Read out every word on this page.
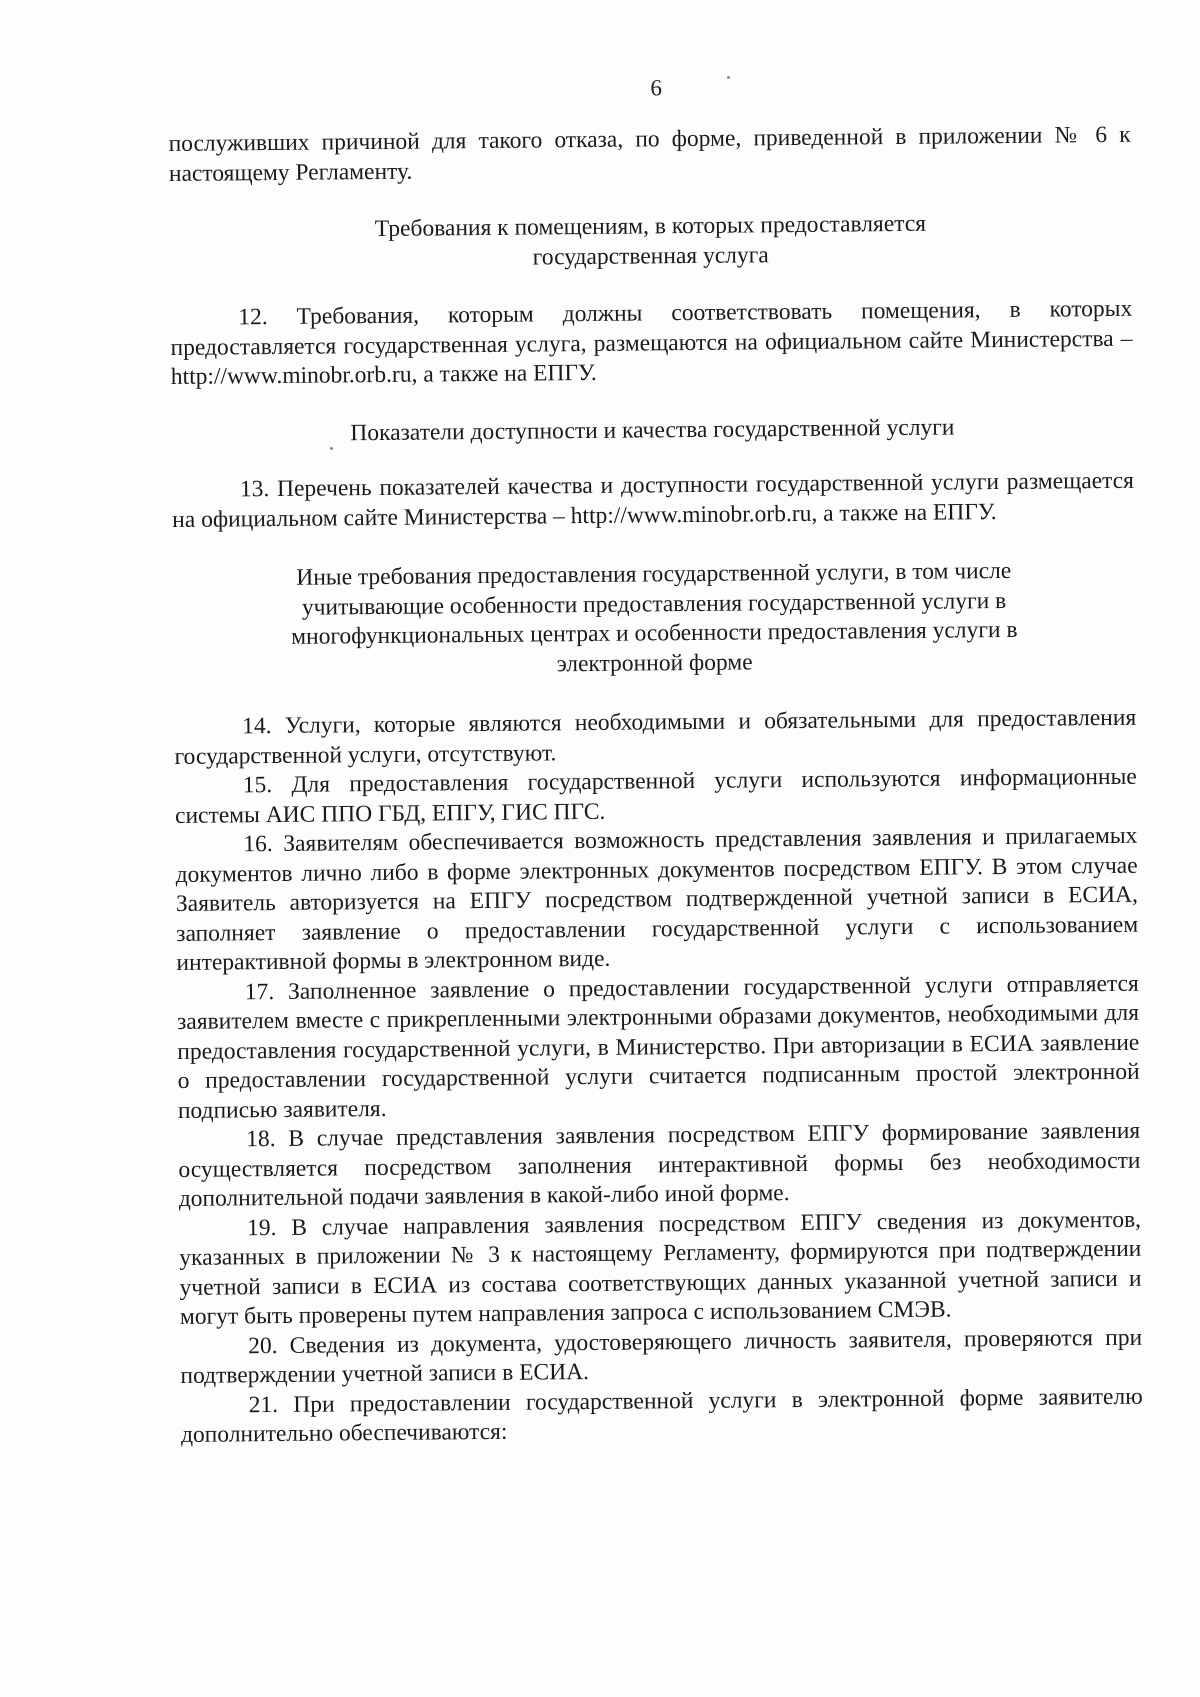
6

послуживших причиной для такого отказа, по форме, приведенной в приложении № 6 к настоящему Регламенту.

Требования к помещениям, в которых предоставляется
государственная услуга

12. Требования, которым должны соответствовать помещения, в которых предоставляется государственная услуга, размещаются на официальном сайте Министерства – http://www.minobr.orb.ru, а также на ЕПГУ.

Показатели доступности и качества государственной услуги

13. Перечень показателей качества и доступности государственной услуги размещается на официальном сайте Министерства – http://www.minobr.orb.ru, а также на ЕПГУ.

Иные требования предоставления государственной услуги, в том числе
учитывающие особенности предоставления государственной услуги в
многофункциональных центрах и особенности предоставления услуги в
электронной форме

14. Услуги, которые являются необходимыми и обязательными для предоставления государственной услуги, отсутствуют.

15. Для предоставления государственной услуги используются информационные системы АИС ППО ГБД, ЕПГУ, ГИС ПГС.

16. Заявителям обеспечивается возможность представления заявления и прилагаемых документов лично либо в форме электронных документов посредством ЕПГУ. В этом случае Заявитель авторизуется на ЕПГУ посредством подтвержденной учетной записи в ЕСИА, заполняет заявление о предоставлении государственной услуги с использованием интерактивной формы в электронном виде.

17. Заполненное заявление о предоставлении государственной услуги отправляется заявителем вместе с прикрепленными электронными образами документов, необходимыми для предоставления государственной услуги, в Министерство. При авторизации в ЕСИА заявление о предоставлении государственной услуги считается подписанным простой электронной подписью заявителя.

18. В случае представления заявления посредством ЕПГУ формирование заявления осуществляется посредством заполнения интерактивной формы без необходимости дополнительной подачи заявления в какой-либо иной форме.

19. В случае направления заявления посредством ЕПГУ сведения из документов, указанных в приложении № 3 к настоящему Регламенту, формируются при подтверждении учетной записи в ЕСИА из состава соответствующих данных указанной учетной записи и могут быть проверены путем направления запроса с использованием СМЭВ.

20. Сведения из документа, удостоверяющего личность заявителя, проверяются при подтверждении учетной записи в ЕСИА.

21. При предоставлении государственной услуги в электронной форме заявителю дополнительно обеспечиваются:
